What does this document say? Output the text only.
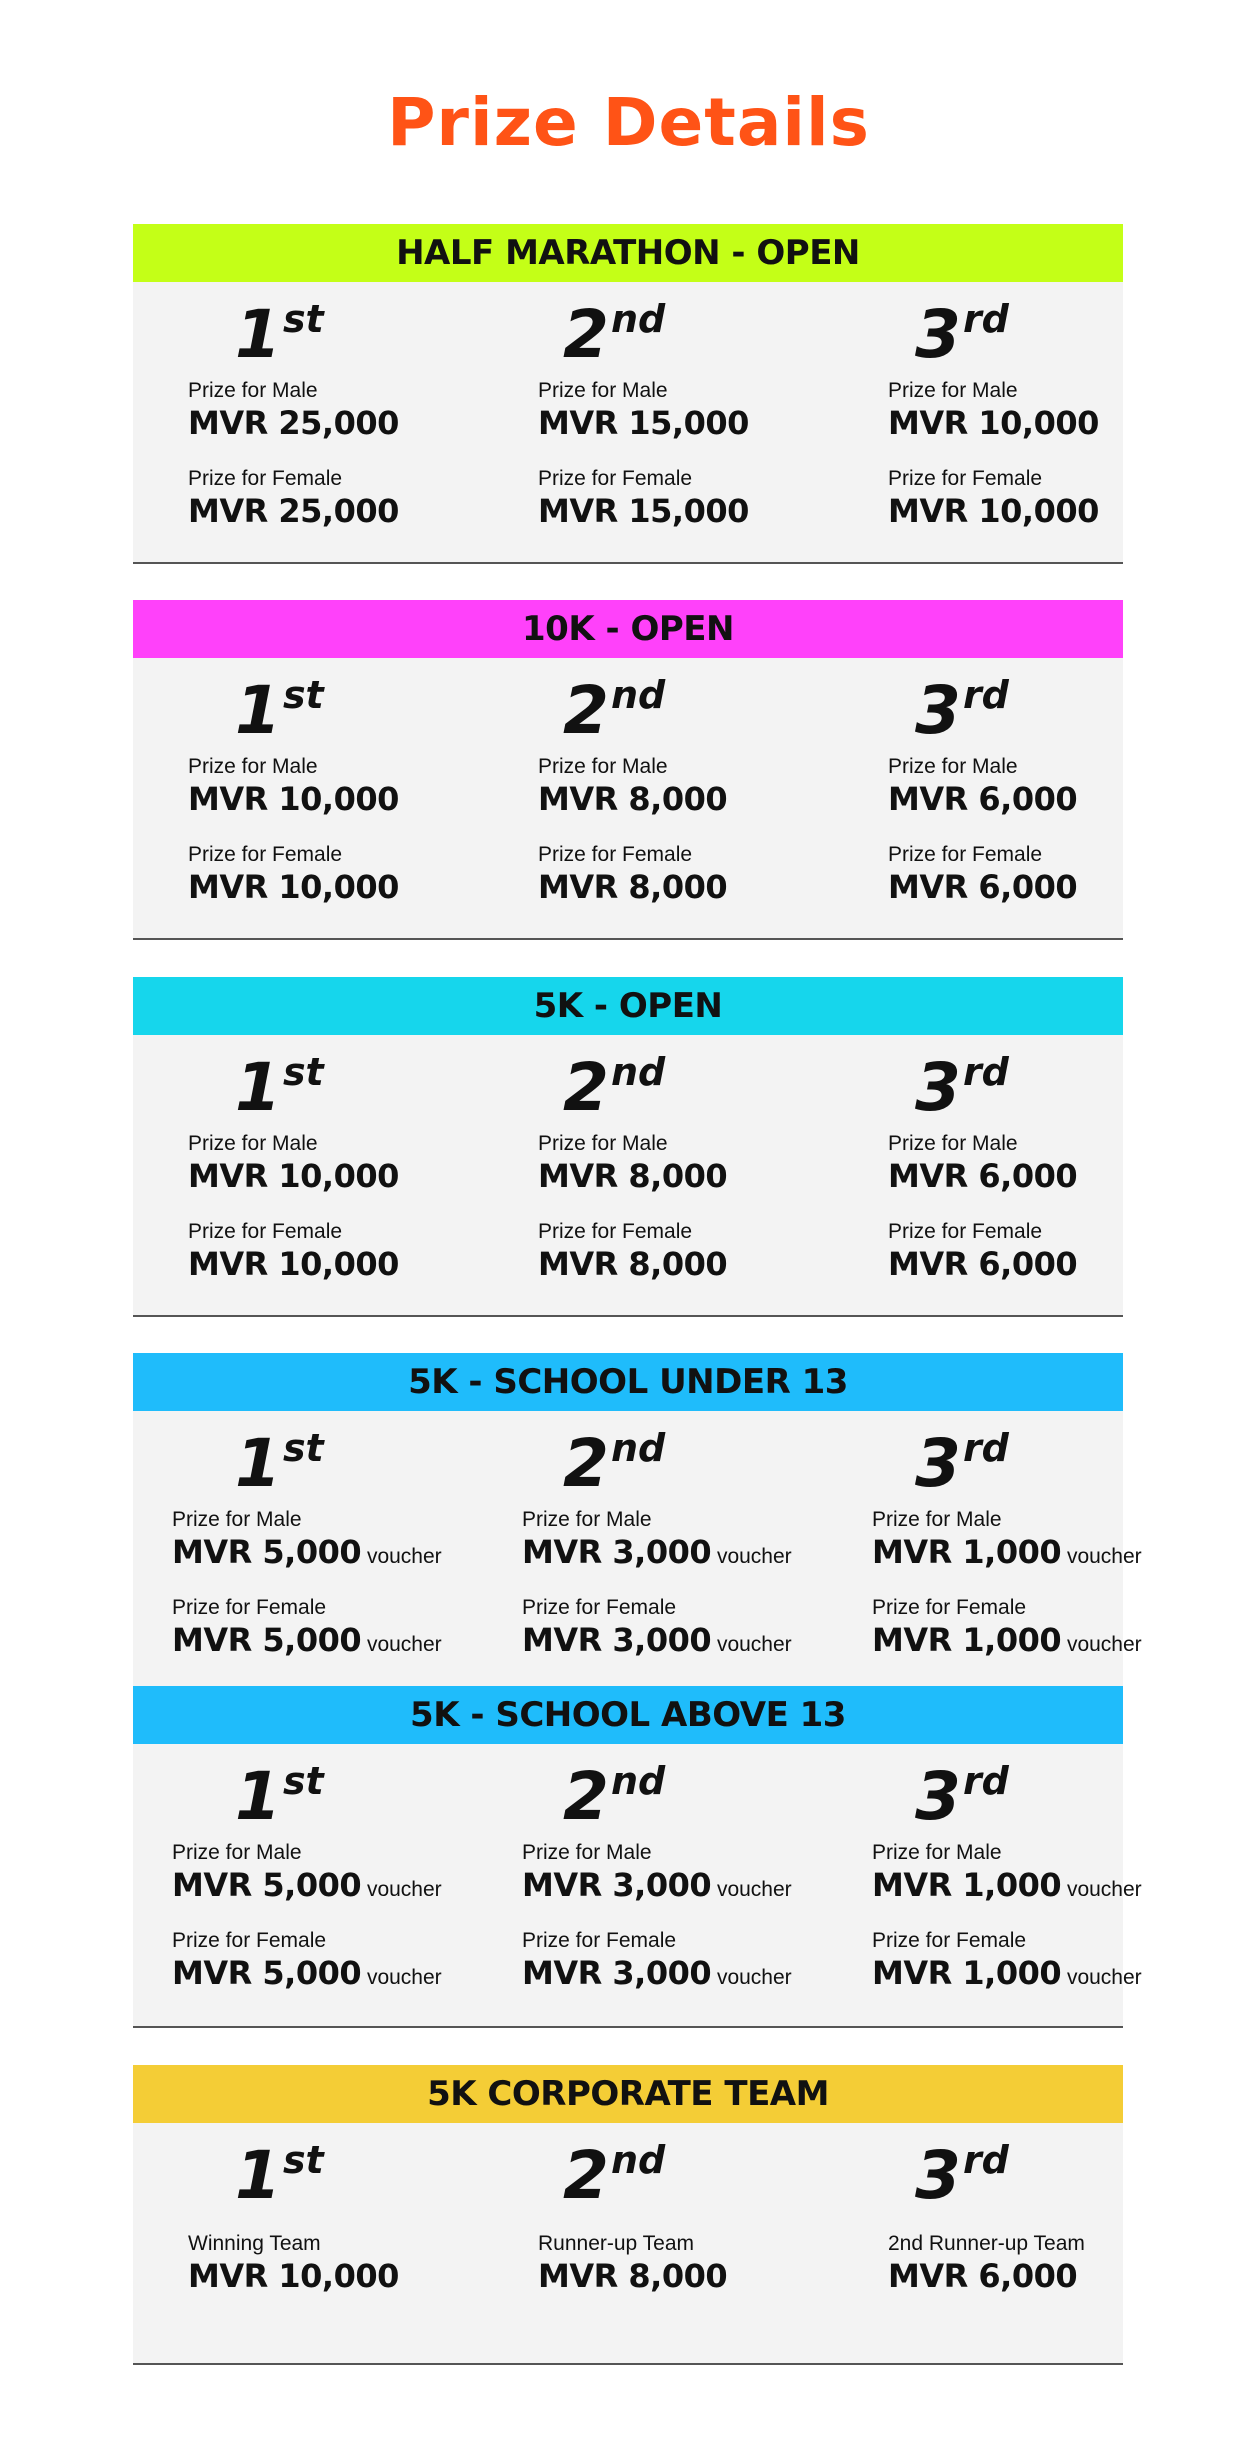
Prize Details
HALF MARATHON - OPEN
1st
Prize for Male
MVR 25,000
Prize for Female
MVR 25,000
2nd
Prize for Male
MVR 15,000
Prize for Female
MVR 15,000
3rd
Prize for Male
MVR 10,000
Prize for Female
MVR 10,000
10K - OPEN
1st
Prize for Male
MVR 10,000
Prize for Female
MVR 10,000
2nd
Prize for Male
MVR 8,000
Prize for Female
MVR 8,000
3rd
Prize for Male
MVR 6,000
Prize for Female
MVR 6,000
5K - OPEN
1st
Prize for Male
MVR 10,000
Prize for Female
MVR 10,000
2nd
Prize for Male
MVR 8,000
Prize for Female
MVR 8,000
3rd
Prize for Male
MVR 6,000
Prize for Female
MVR 6,000
5K - SCHOOL UNDER 13
1st
Prize for Male
MVR 5,000 voucher
Prize for Female
MVR 5,000 voucher
2nd
Prize for Male
MVR 3,000 voucher
Prize for Female
MVR 3,000 voucher
3rd
Prize for Male
MVR 1,000 voucher
Prize for Female
MVR 1,000 voucher
5K - SCHOOL ABOVE 13
1st
Prize for Male
MVR 5,000 voucher
Prize for Female
MVR 5,000 voucher
2nd
Prize for Male
MVR 3,000 voucher
Prize for Female
MVR 3,000 voucher
3rd
Prize for Male
MVR 1,000 voucher
Prize for Female
MVR 1,000 voucher
5K CORPORATE TEAM
1st
Winning Team
MVR 10,000
2nd
Runner-up Team
MVR 8,000
3rd
2nd Runner-up Team
MVR 6,000
